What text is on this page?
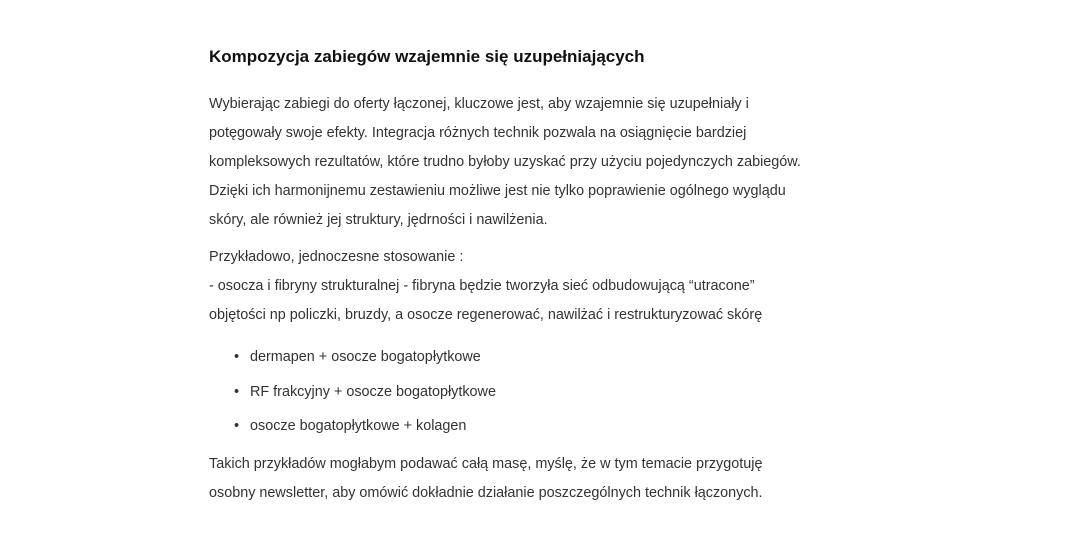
Kompozycja zabiegów wzajemnie się uzupełniających

Wybierając zabiegi do oferty łączonej, kluczowe jest, aby wzajemnie się uzupełniały i potęgowały swoje efekty. Integracja różnych technik pozwala na osiągnięcie bardziej kompleksowych rezultatów, które trudno byłoby uzyskać przy użyciu pojedynczych zabiegów. Dzięki ich harmonijnemu zestawieniu możliwe jest nie tylko poprawienie ogólnego wyglądu skóry, ale również jej struktury, jędrności i nawilżenia.

Przykładowo, jednoczesne stosowanie :
- osocza i fibryny strukturalnej - fibryna będzie tworzyła sieć odbudowującą “utracone” objętości np policzki, bruzdy, a osocze regenerować, nawilżać i restrukturyzować skórę

• dermapen + osocze bogatopłytkowe
• RF frakcyjny + osocze bogatopłytkowe
• osocze bogatopłytkowe + kolagen

Takich przykładów mogłabym podawać całą masę, myślę, że w tym temacie przygotuję osobny newsletter, aby omówić dokładnie działanie poszczególnych technik łączonych.
